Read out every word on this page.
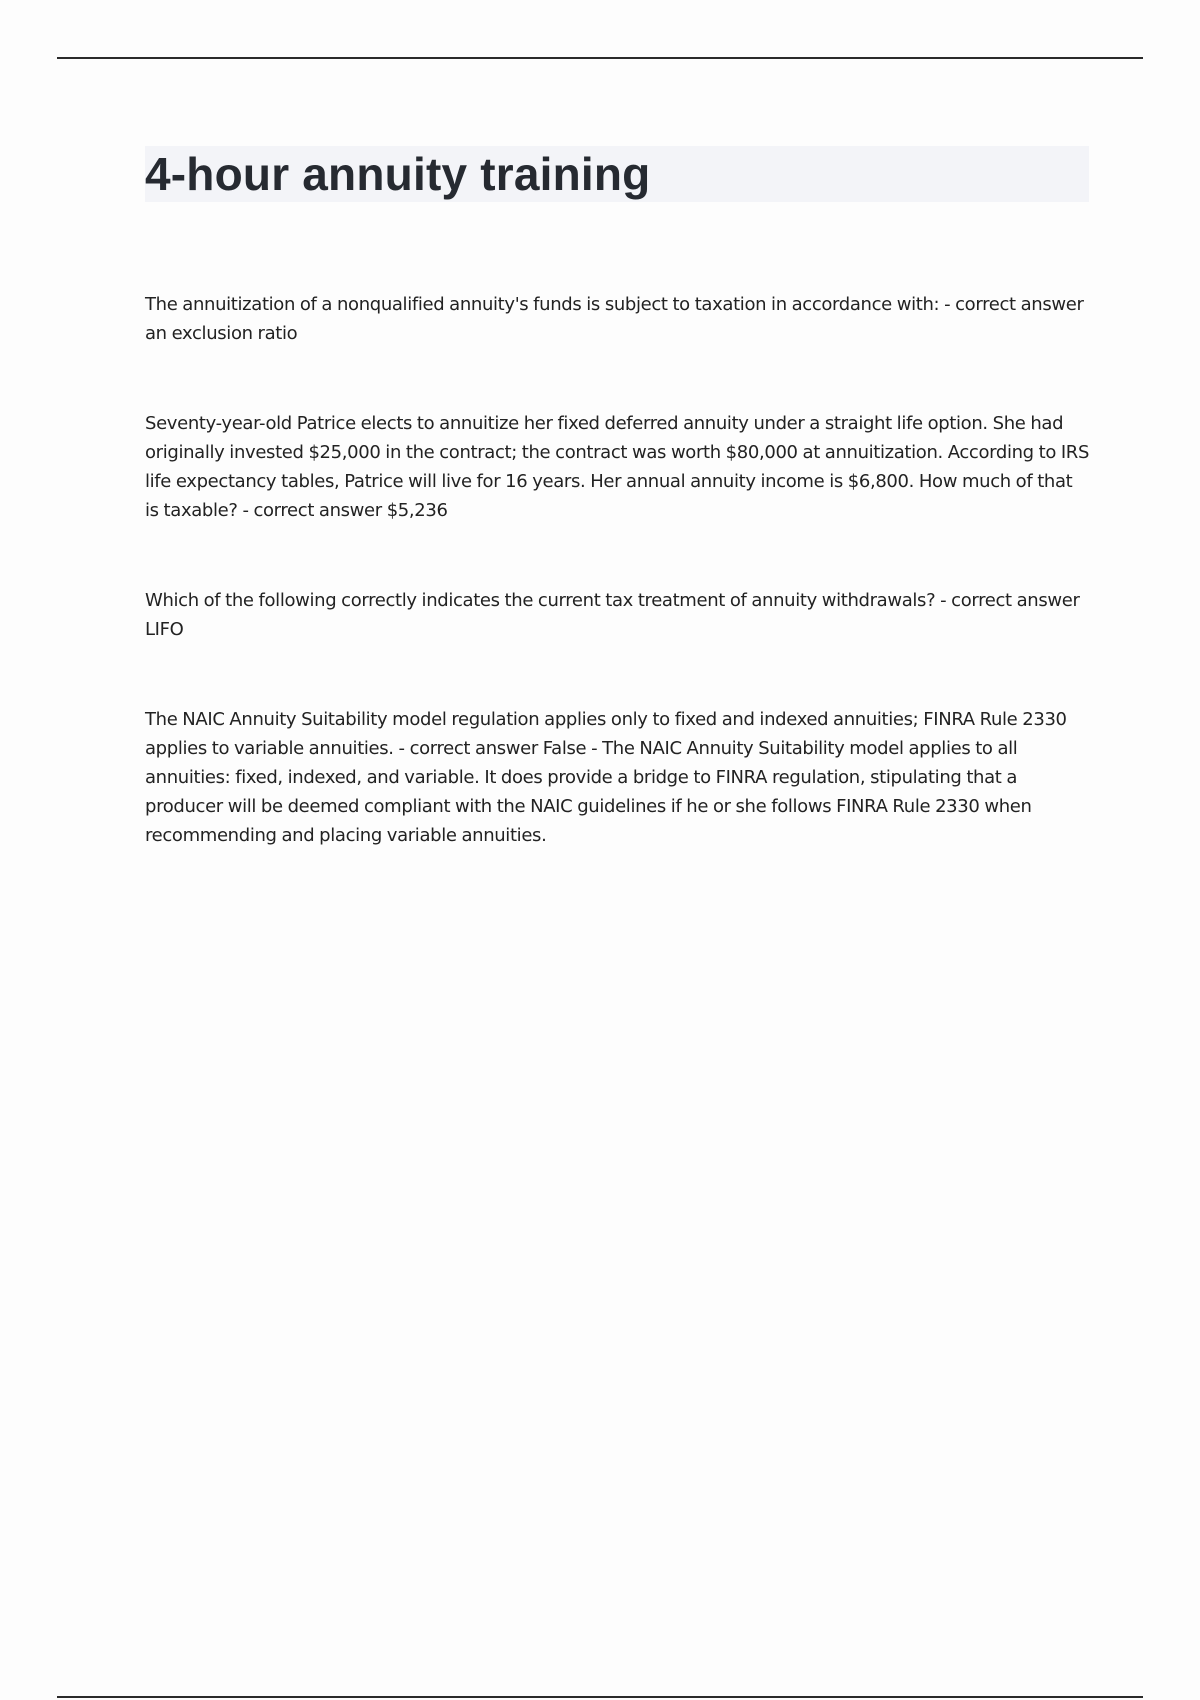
4-hour annuity training

The annuitization of a nonqualified annuity's funds is subject to taxation in accordance with: - correct answer an exclusion ratio

Seventy-year-old Patrice elects to annuitize her fixed deferred annuity under a straight life option. She had originally invested $25,000 in the contract; the contract was worth $80,000 at annuitization. According to IRS life expectancy tables, Patrice will live for 16 years. Her annual annuity income is $6,800. How much of that is taxable? - correct answer $5,236

Which of the following correctly indicates the current tax treatment of annuity withdrawals? - correct answer LIFO

The NAIC Annuity Suitability model regulation applies only to fixed and indexed annuities; FINRA Rule 2330 applies to variable annuities. - correct answer False - The NAIC Annuity Suitability model applies to all annuities: fixed, indexed, and variable. It does provide a bridge to FINRA regulation, stipulating that a producer will be deemed compliant with the NAIC guidelines if he or she follows FINRA Rule 2330 when recommending and placing variable annuities.
